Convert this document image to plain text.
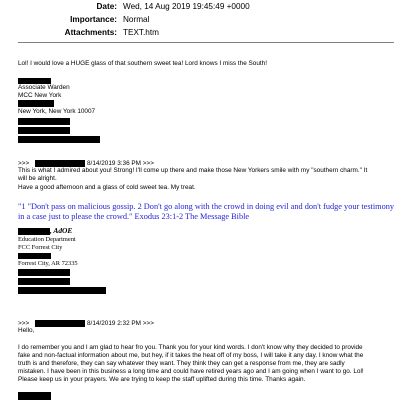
Date: Wed, 14 Aug 2019 19:45:49 +0000
Importance: Normal
Attachments: TEXT.htm
Lol! I would love a HUGE glass of that southern sweet tea! Lord knows I miss the South!
Associate Warden
MCC New York
New York, New York 10007
>>>	8/14/2019 3:36 PM >>>
This is what I admired about you! Strong! I'll come up there and make those New Yorkers smile with my "southern charm." It
will be alright.
Have a good afternoon and a glass of cold sweet tea. My treat.
"1 "Don't pass on malicious gossip. 2 Don't go along with the crowd in doing evil and don't fudge your testimony
in a case just to please the crowd." Exodus 23:1-2 The Message Bible
, AdOE
Education Department
FCC Forrest City
Forrest City, AR 72335
>>>	8/14/2019 2:32 PM >>>
Hello,
I do remember you and I am glad to hear fro you. Thank you for your kind words. I don't know why they decided to provide
fake and non-factual information about me, but hey, if it takes the heat off of my boss, I will take it any day. I know what the
truth is and therefore, they can say whatever they want. They think they can get a response from me, they are sadly
mistaken. I have been in this business a long time and could have retired years ago and I am going when I want to go. Lol!
Please keep us in your prayers. We are trying to keep the staff uplifted during this time. Thanks again.
